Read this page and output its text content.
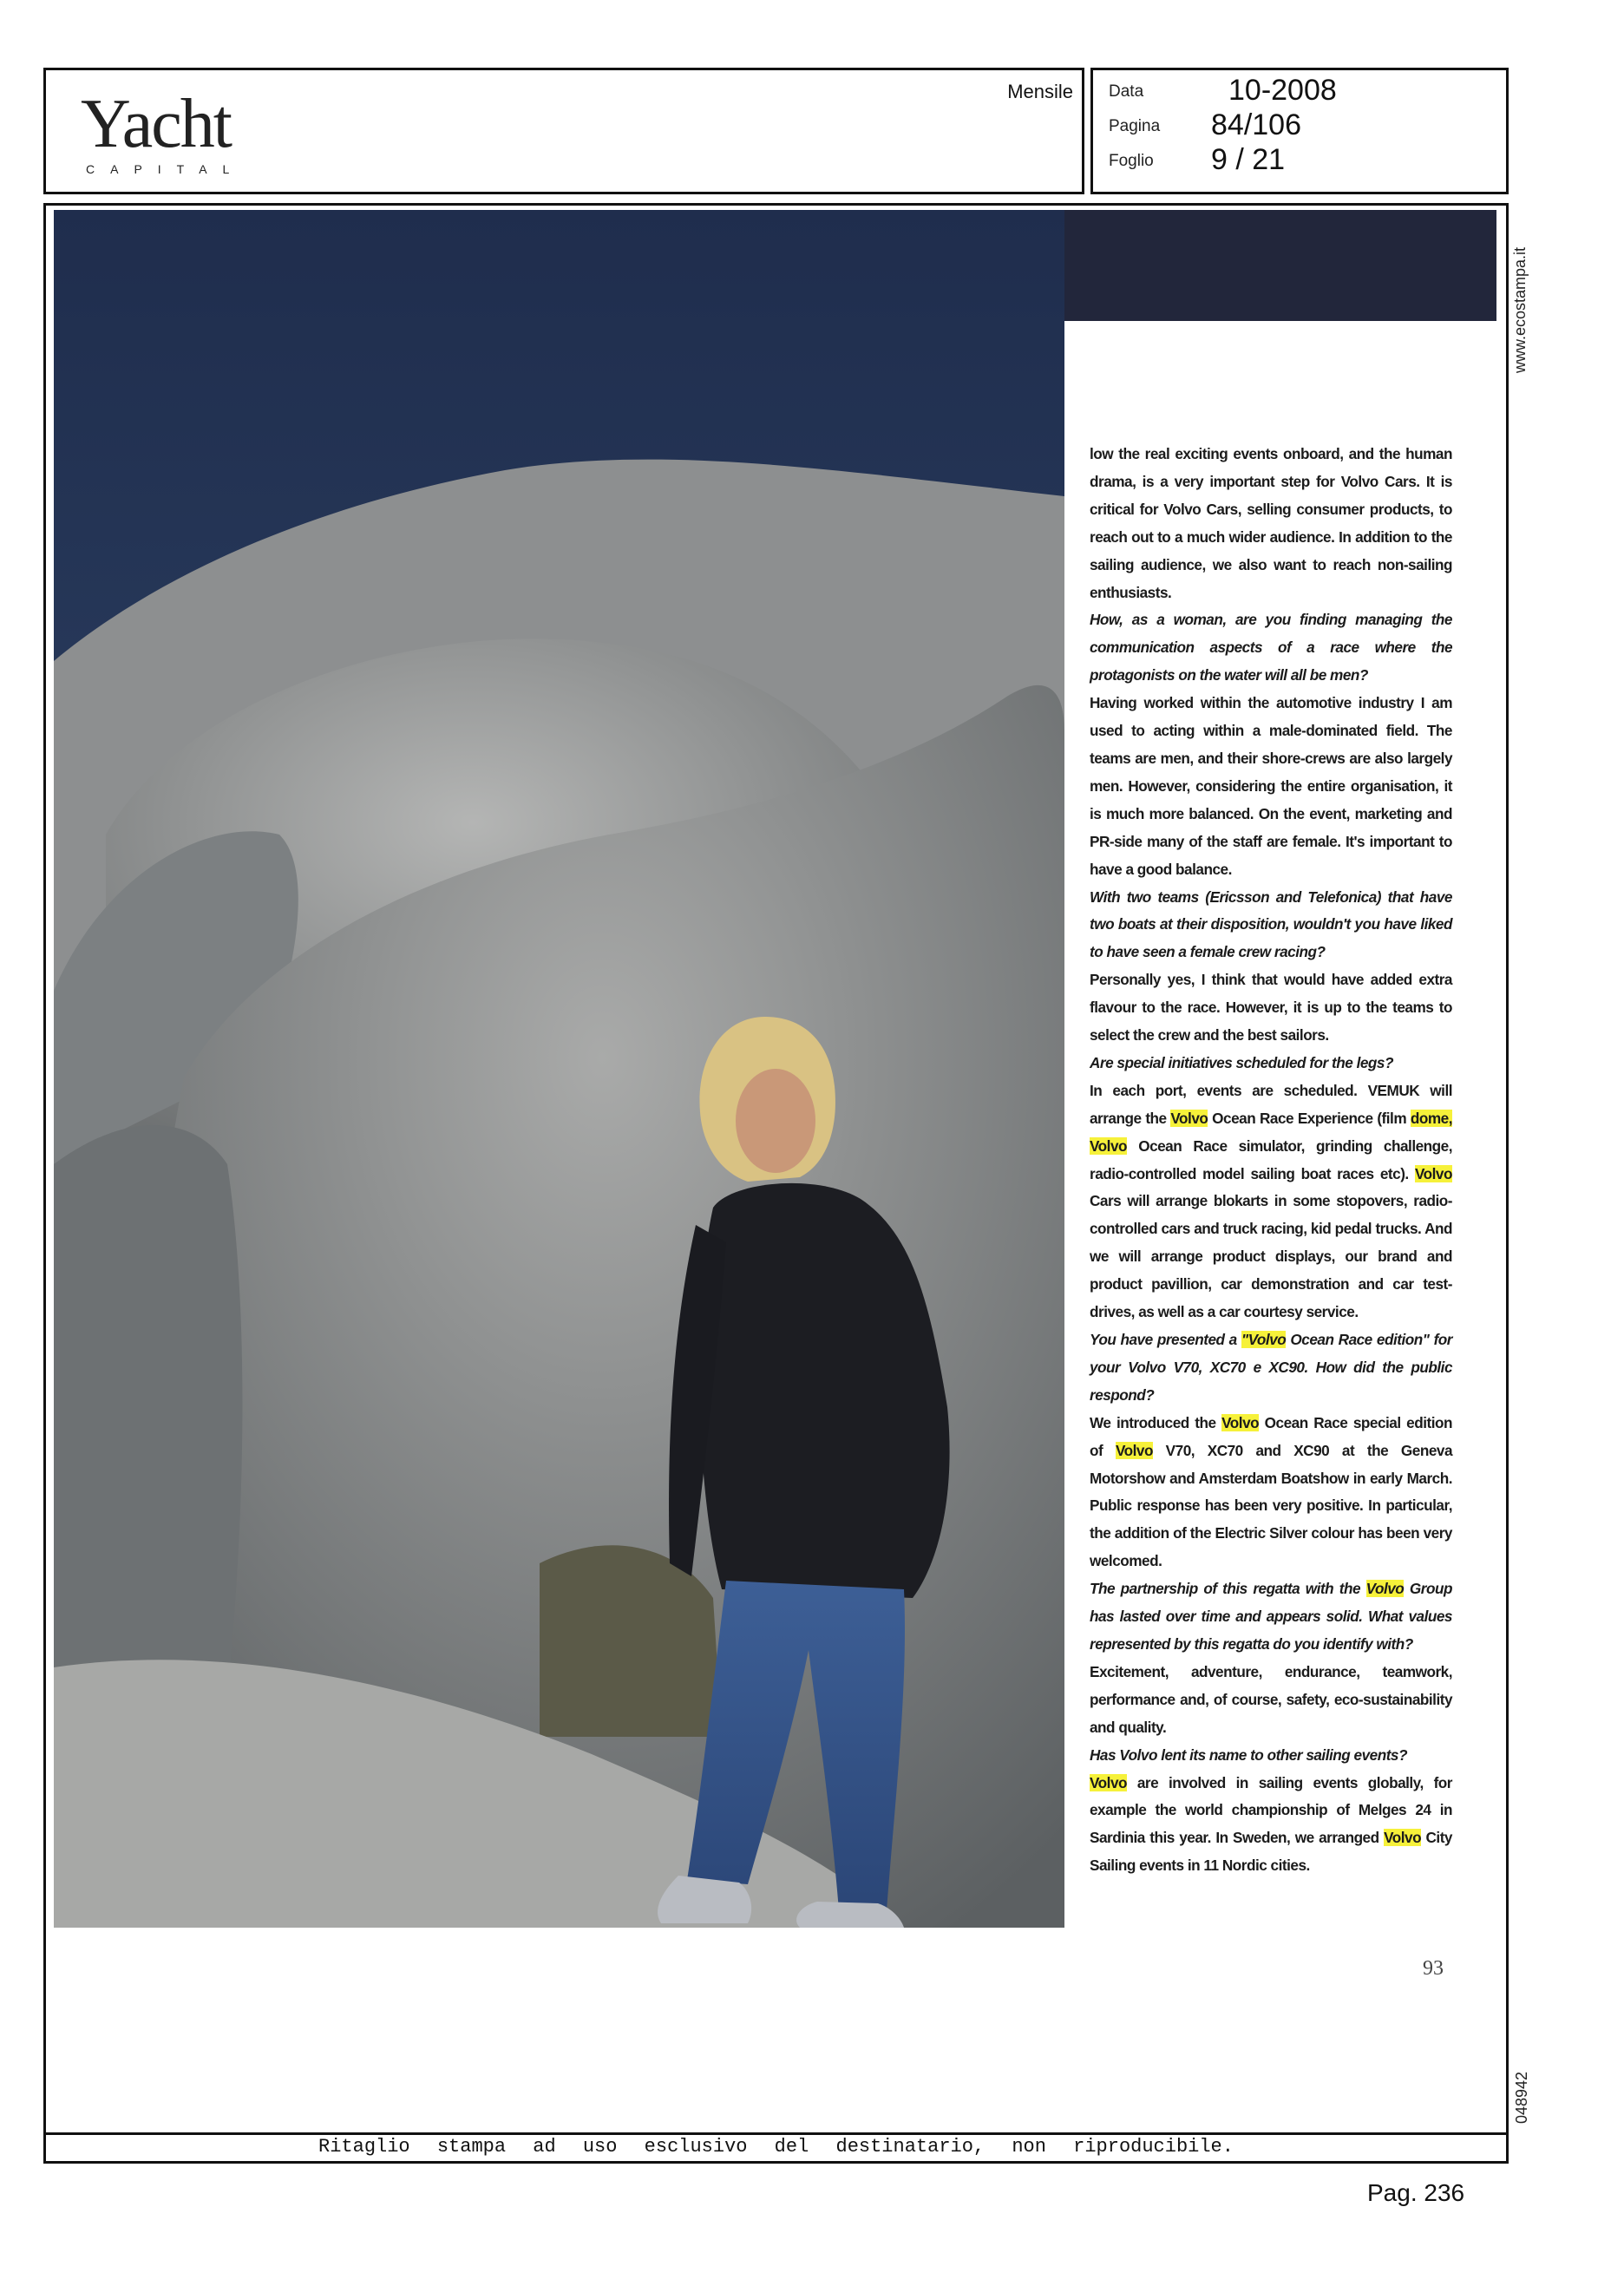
Yacht
CAPITAL
Mensile Data	10-2008
Pagina 84/106
Foglio 9 / 21

low the real exciting events onboard, and the human drama, is a very important step for Volvo Cars. It is critical for Volvo Cars, selling consumer products, to reach out to a much wider audience. In addition to the sailing audience, we also want to reach non-sailing enthusiasts.

How, as a woman, are you finding managing the communication aspects of a race where the protagonists on the water will all be men?

Having worked within the automotive industry I am used to acting within a male-dominated field. The teams are men, and their shore-crews are also largely men. However, considering the entire organisation, it is much more balanced. On the event, marketing and PR-side many of the staff are female. It's important to have a good balance.

With two teams (Ericsson and Telefonica) that have two boats at their disposition, wouldn't you have liked to have seen a female crew racing?

Personally yes, I think that would have added extra flavour to the race. However, it is up to the teams to select the crew and the best sailors.

Are special initiatives scheduled for the legs?

In each port, events are scheduled. VEMUK will arrange the Volvo Ocean Race Experience (film dome, Volvo Ocean Race simulator, grinding challenge, radio-controlled model sailing boat races etc). Volvo Cars will arrange blokarts in some stopovers, radio-controlled cars and truck racing, kid pedal trucks. And we will arrange product displays, our brand and product pavillion, car demonstration and car test-drives, as well as a car courtesy service.

You have presented a "Volvo Ocean Race edition" for your Volvo V70, XC70 e XC90. How did the public respond?

We introduced the Volvo Ocean Race special edition of Volvo V70, XC70 and XC90 at the Geneva Motorshow and Amsterdam Boatshow in early March. Public response has been very positive. In particular, the addition of the Electric Silver colour has been very welcomed.

The partnership of this regatta with the Volvo Group has lasted over time and appears solid. What values represented by this regatta do you identify with?

Excitement, adventure, endurance, teamwork, performance and, of course, safety, eco-sustainability and quality.

Has Volvo lent its name to other sailing events?

Volvo are involved in sailing events globally, for example the world championship of Melges 24 in Sardinia this year. In Sweden, we arranged Volvo City Sailing events in 11 Nordic cities.

93
www.ecostampa.it
048942
Ritaglio stampa ad uso esclusivo del destinatario, non riproducibile.
Pag. 236
